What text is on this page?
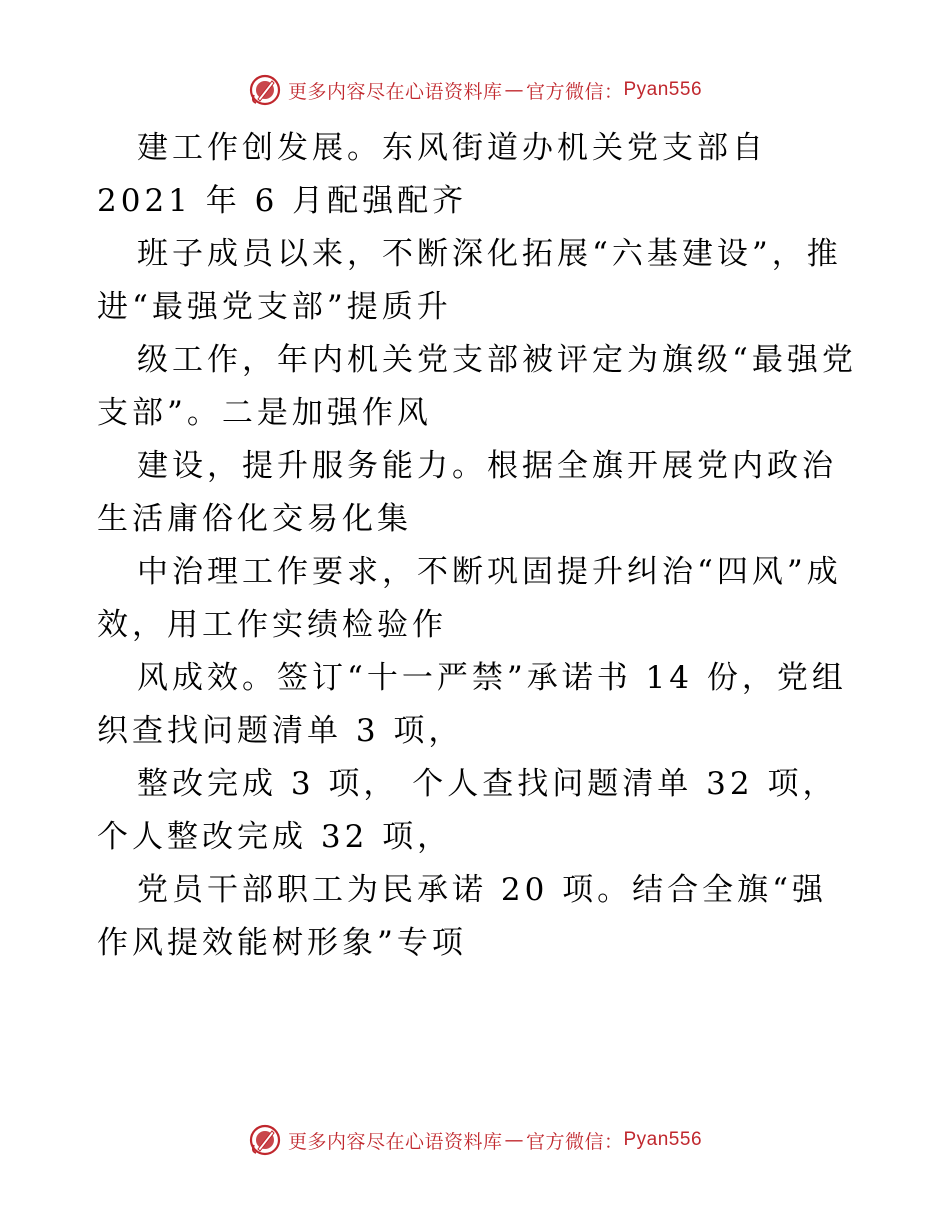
更多内容尽在心语资料库 — 官方微信： Pyan556

建工作创发展。东风街道办机关党支部自 2021 年 6 月配强配齐

班子成员以来，不断深化拓展“六基建设”，推进“最强党支部”提质升

级工作，年内机关党支部被评定为旗级“最强党支部”。二是加强作风

建设，提升服务能力。根据全旗开展党内政治生活庸俗化交易化集

中治理工作要求，不断巩固提升纠治“四风”成效，用工作实绩检验作

风成效。签订“十一严禁”承诺书 14 份，党组织查找问题清单 3 项，

整改完成 3 项， 个人查找问题清单 32 项，个人整改完成 32 项，

党员干部职工为民承诺 20 项。结合全旗“强作风提效能树形象”专项

更多内容尽在心语资料库 — 官方微信： Pyan556
